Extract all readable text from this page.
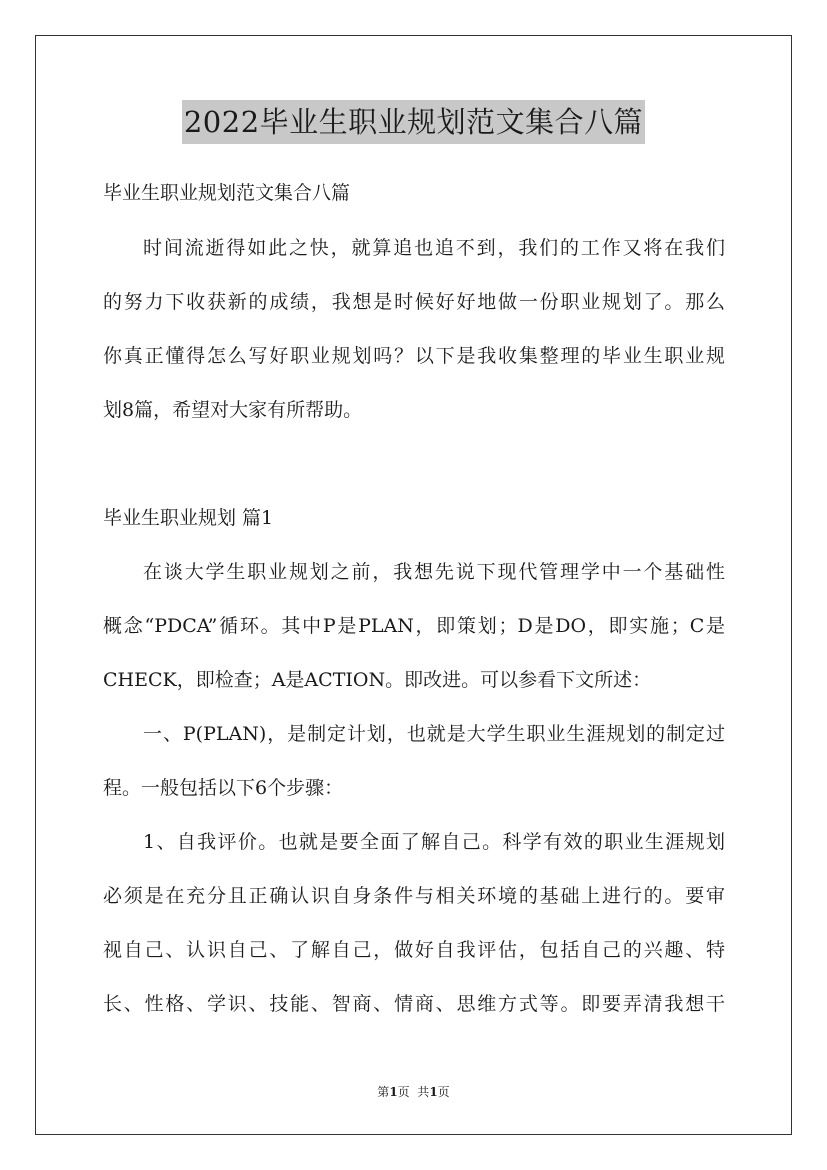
2022毕业生职业规划范文集合八篇
毕业生职业规划范文集合八篇
时间流逝得如此之快，就算追也追不到，我们的工作又将在我们
的努力下收获新的成绩，我想是时候好好地做一份职业规划了。那么
你真正懂得怎么写好职业规划吗？以下是我收集整理的毕业生职业规
划8篇，希望对大家有所帮助。
毕业生职业规划 篇1
在谈大学生职业规划之前，我想先说下现代管理学中一个基础性
概念“PDCA”循环。其中P是PLAN，即策划；D是DO，即实施；C是
CHECK，即检查；A是ACTION。即改进。可以参看下文所述：
一、P(PLAN)，是制定计划，也就是大学生职业生涯规划的制定过
程。一般包括以下6个步骤：
1、自我评价。也就是要全面了解自己。科学有效的职业生涯规划
必须是在充分且正确认识自身条件与相关环境的基础上进行的。要审
视自己、认识自己、了解自己，做好自我评估，包括自己的兴趣、特
长、性格、学识、技能、智商、情商、思维方式等。即要弄清我想干
第1页  共1页
